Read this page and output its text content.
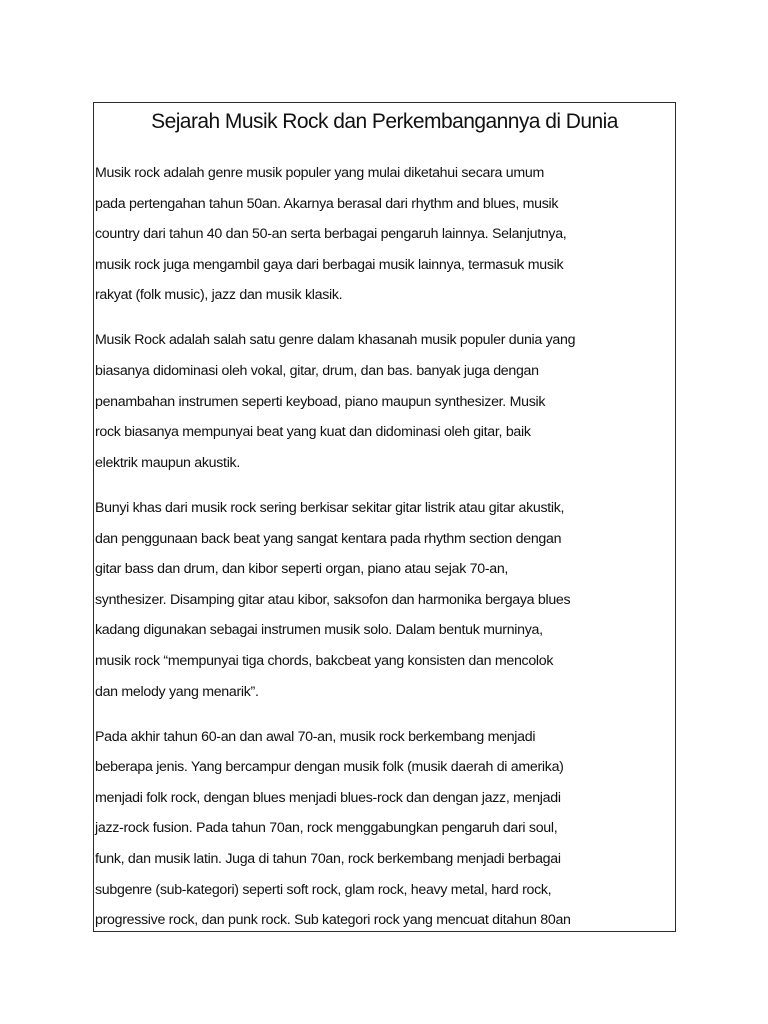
Sejarah Musik Rock dan Perkembangannya di Dunia
Musik rock adalah genre musik populer yang mulai diketahui secara umum
pada pertengahan tahun 50an. Akarnya berasal dari rhythm and blues, musik
country dari tahun 40 dan 50-an serta berbagai pengaruh lainnya. Selanjutnya,
musik rock juga mengambil gaya dari berbagai musik lainnya, termasuk musik
rakyat (folk music), jazz dan musik klasik.
Musik Rock adalah salah satu genre dalam khasanah musik populer dunia yang
biasanya didominasi oleh vokal, gitar, drum, dan bas. banyak juga dengan
penambahan instrumen seperti keyboad, piano maupun synthesizer. Musik
rock biasanya mempunyai beat yang kuat dan didominasi oleh gitar, baik
elektrik maupun akustik.
Bunyi khas dari musik rock sering berkisar sekitar gitar listrik atau gitar akustik,
dan penggunaan back beat yang sangat kentara pada rhythm section dengan
gitar bass dan drum, dan kibor seperti organ, piano atau sejak 70-an,
synthesizer. Disamping gitar atau kibor, saksofon dan harmonika bergaya blues
kadang digunakan sebagai instrumen musik solo. Dalam bentuk murninya,
musik rock “mempunyai tiga chords, bakcbeat yang konsisten dan mencolok
dan melody yang menarik”.
Pada akhir tahun 60-an dan awal 70-an, musik rock berkembang menjadi
beberapa jenis. Yang bercampur dengan musik folk (musik daerah di amerika)
menjadi folk rock, dengan blues menjadi blues-rock dan dengan jazz, menjadi
jazz-rock fusion. Pada tahun 70an, rock menggabungkan pengaruh dari soul,
funk, dan musik latin. Juga di tahun 70an, rock berkembang menjadi berbagai
subgenre (sub-kategori) seperti soft rock, glam rock, heavy metal, hard rock,
progressive rock, dan punk rock. Sub kategori rock yang mencuat ditahun 80an
